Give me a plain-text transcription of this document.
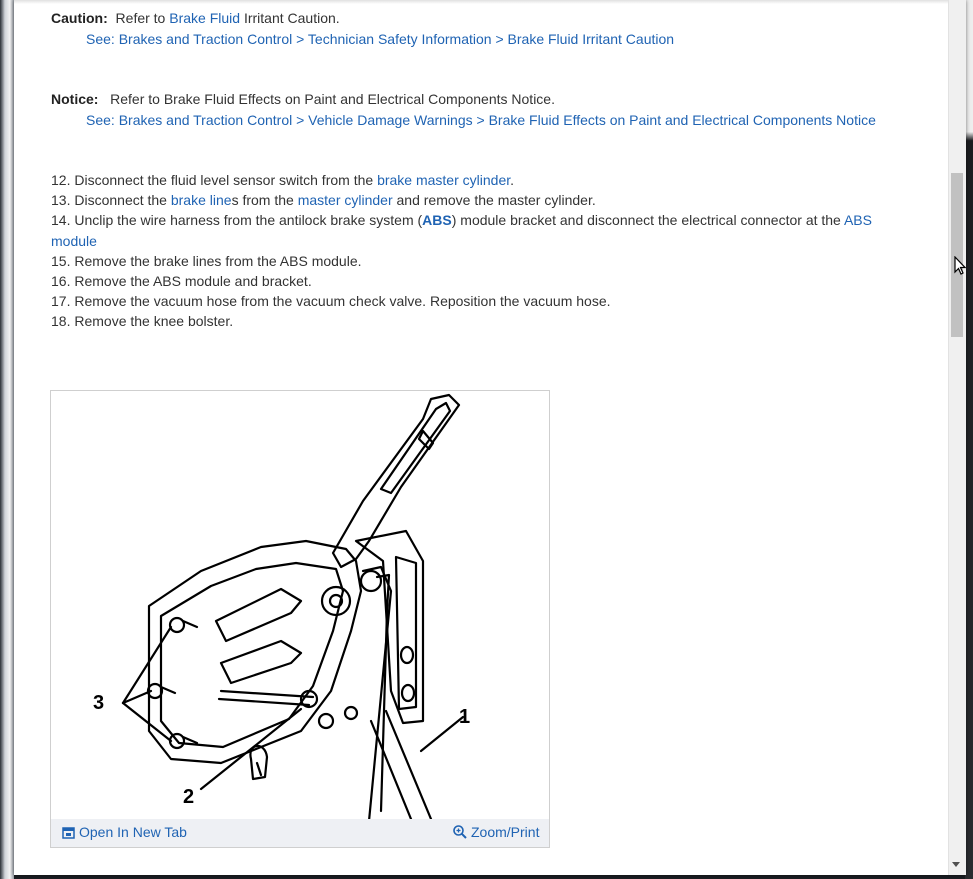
Caution: Refer to Brake Fluid Irritant Caution.
See: Brakes and Traction Control > Technician Safety Information > Brake Fluid Irritant Caution
Notice: Refer to Brake Fluid Effects on Paint and Electrical Components Notice.
See: Brakes and Traction Control > Vehicle Damage Warnings > Brake Fluid Effects on Paint and Electrical Components Notice
12. Disconnect the fluid level sensor switch from the brake master cylinder.
13. Disconnect the brake lines from the master cylinder and remove the master cylinder.
14. Unclip the wire harness from the antilock brake system (ABS) module bracket and disconnect the electrical connector at the ABS
module
15. Remove the brake lines from the ABS module.
16. Remove the ABS module and bracket.
17. Remove the vacuum hose from the vacuum check valve. Reposition the vacuum hose.
18. Remove the knee bolster.
3
2
1
Open In New Tab	Zoom/Print
